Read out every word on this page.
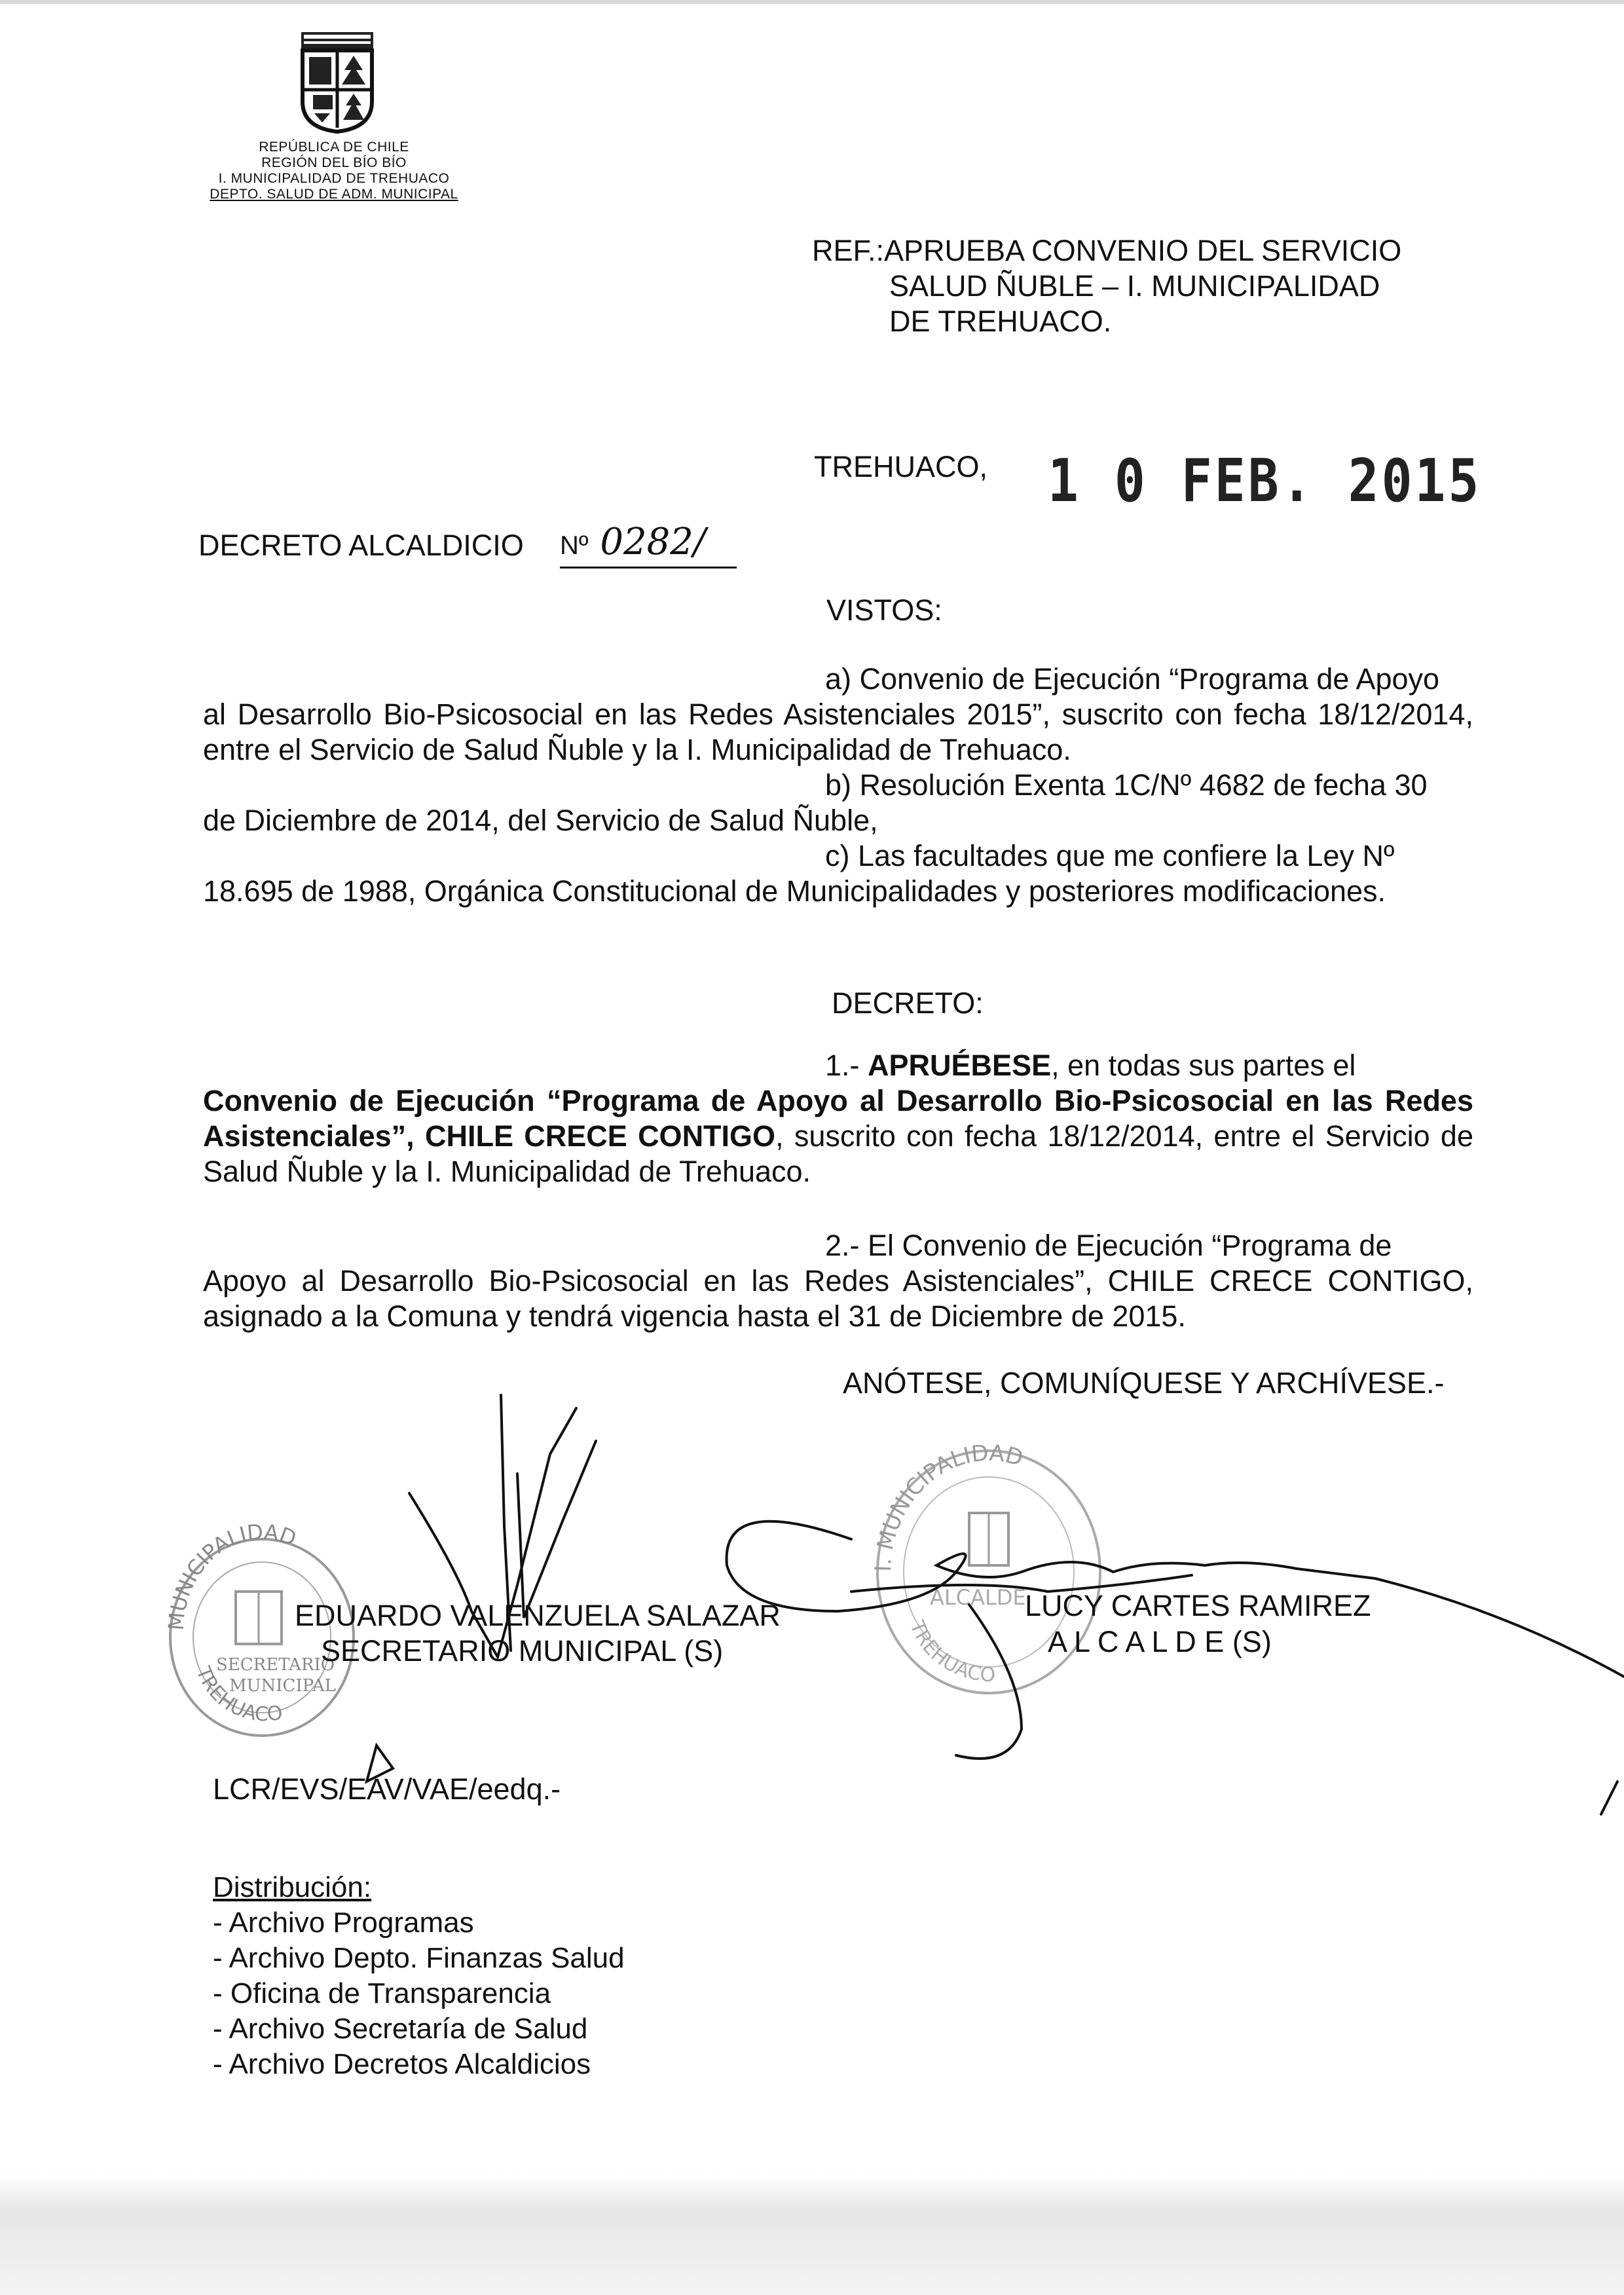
REPÚBLICA DE CHILE
REGIÓN DEL BÍO BÍO
I. MUNICIPALIDAD DE TREHUACO
DEPTO. SALUD DE ADM. MUNICIPAL
REF.:APRUEBA CONVENIO DEL SERVICIO
SALUD ÑUBLE – I. MUNICIPALIDAD
DE TREHUACO.
TREHUACO, 1 0 FEB. 2015
DECRETO ALCALDICIO Nº 0282/
VISTOS:
a) Convenio de Ejecución “Programa de Apoyo
al Desarrollo Bio-Psicosocial en las Redes Asistenciales 2015”, suscrito con fecha 18/12/2014, entre el Servicio de Salud Ñuble y la I. Municipalidad de Trehuaco.
b) Resolución Exenta 1C/Nº 4682 de fecha 30
de Diciembre de 2014, del Servicio de Salud Ñuble,
c) Las facultades que me confiere la Ley Nº
18.695 de 1988, Orgánica Constitucional de Municipalidades y posteriores modificaciones.
DECRETO:
1.- APRUÉBESE, en todas sus partes el
Convenio de Ejecución “Programa de Apoyo al Desarrollo Bio-Psicosocial en las Redes Asistenciales”, CHILE CRECE CONTIGO, suscrito con fecha 18/12/2014, entre el Servicio de Salud Ñuble y la I. Municipalidad de Trehuaco.
2.- El Convenio de Ejecución “Programa de
Apoyo al Desarrollo Bio-Psicosocial en las Redes Asistenciales”, CHILE CRECE CONTIGO, asignado a la Comuna y tendrá vigencia hasta el 31 de Diciembre de 2015.
ANÓTESE, COMUNÍQUESE Y ARCHÍVESE.-
MUNICIPALIDAD
SECRETARIO
MUNICIPAL
TREHUACO
I. MUNICIPALIDAD
ALCALDE
TREHUACO
EDUARDO VALENZUELA SALAZAR
SECRETARIO MUNICIPAL (S)
LUCY CARTES RAMIREZ
A L C A L D E (S)
LCR/EVS/EAV/VAE/eedq.-
Distribución:
- Archivo Programas
- Archivo Depto. Finanzas Salud
- Oficina de Transparencia
- Archivo Secretaría de Salud
- Archivo Decretos Alcaldicios
